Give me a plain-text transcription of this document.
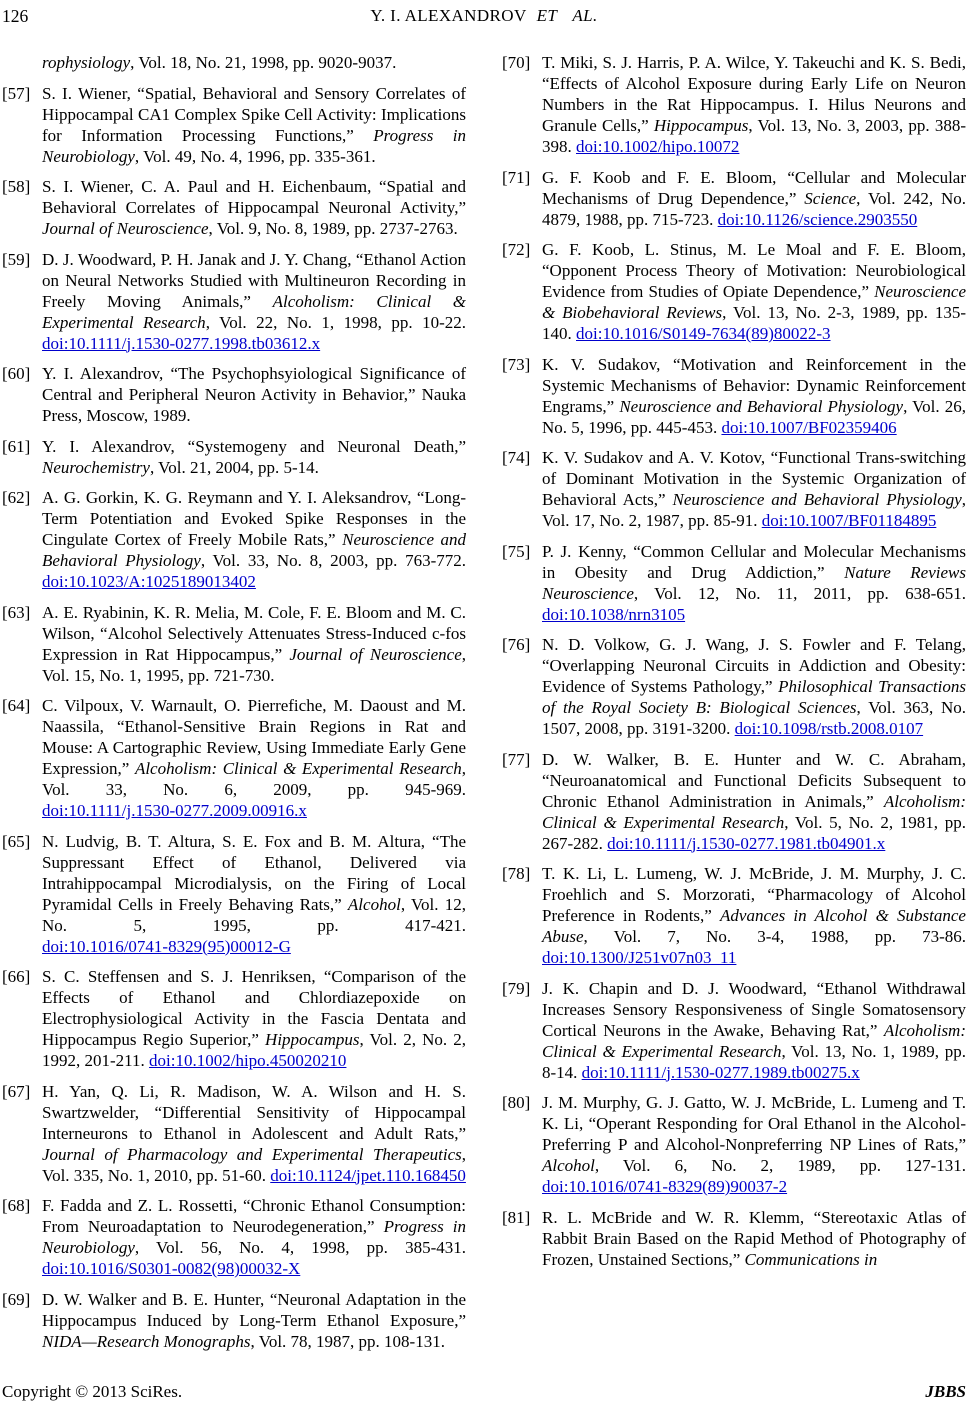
126	Y. I. ALEXANDROV ET AL.
rophysiology, Vol. 18, No. 21, 1998, pp. 9020-9037.
[57] S. I. Wiener, “Spatial, Behavioral and Sensory Correlates of Hippocampal CA1 Complex Spike Cell Activity: Implications for Information Processing Functions,” Progress in Neurobiology, Vol. 49, No. 4, 1996, pp. 335-361.
[58] S. I. Wiener, C. A. Paul and H. Eichenbaum, “Spatial and Behavioral Correlates of Hippocampal Neuronal Activity,” Journal of Neuroscience, Vol. 9, No. 8, 1989, pp. 2737-2763.
[59] D. J. Woodward, P. H. Janak and J. Y. Chang, “Ethanol Action on Neural Networks Studied with Multineuron Recording in Freely Moving Animals,” Alcoholism: Clinical & Experimental Research, Vol. 22, No. 1, 1998, pp. 10-22. doi:10.1111/j.1530-0277.1998.tb03612.x
[60] Y. I. Alexandrov, “The Psychophsyiological Significance of Central and Peripheral Neuron Activity in Behavior,” Nauka Press, Moscow, 1989.
[61] Y. I. Alexandrov, “Systemogeny and Neuronal Death,” Neurochemistry, Vol. 21, 2004, pp. 5-14.
[62] A. G. Gorkin, K. G. Reymann and Y. I. Aleksandrov, “Long-Term Potentiation and Evoked Spike Responses in the Cingulate Cortex of Freely Mobile Rats,” Neuroscience and Behavioral Physiology, Vol. 33, No. 8, 2003, pp. 763-772. doi:10.1023/A:1025189013402
[63] A. E. Ryabinin, K. R. Melia, M. Cole, F. E. Bloom and M. C. Wilson, “Alcohol Selectively Attenuates Stress-Induced c-fos Expression in Rat Hippocampus,” Journal of Neuroscience, Vol. 15, No. 1, 1995, pp. 721-730.
[64] C. Vilpoux, V. Warnault, O. Pierrefiche, M. Daoust and M. Naassila, “Ethanol-Sensitive Brain Regions in Rat and Mouse: A Cartographic Review, Using Immediate Early Gene Expression,” Alcoholism: Clinical & Experimental Research, Vol. 33, No. 6, 2009, pp. 945-969. doi:10.1111/j.1530-0277.2009.00916.x
[65] N. Ludvig, B. T. Altura, S. E. Fox and B. M. Altura, “The Suppressant Effect of Ethanol, Delivered via Intrahippocampal Microdialysis, on the Firing of Local Pyramidal Cells in Freely Behaving Rats,” Alcohol, Vol. 12, No. 5, 1995, pp. 417-421. doi:10.1016/0741-8329(95)00012-G
[66] S. C. Steffensen and S. J. Henriksen, “Comparison of the Effects of Ethanol and Chlordiazepoxide on Electrophysiological Activity in the Fascia Dentata and Hippocampus Regio Superior,” Hippocampus, Vol. 2, No. 2, 1992, 201-211. doi:10.1002/hipo.450020210
[67] H. Yan, Q. Li, R. Madison, W. A. Wilson and H. S. Swartzwelder, “Differential Sensitivity of Hippocampal Interneurons to Ethanol in Adolescent and Adult Rats,” Journal of Pharmacology and Experimental Therapeutics, Vol. 335, No. 1, 2010, pp. 51-60. doi:10.1124/jpet.110.168450
[68] F. Fadda and Z. L. Rossetti, “Chronic Ethanol Consumption: From Neuroadaptation to Neurodegeneration,” Progress in Neurobiology, Vol. 56, No. 4, 1998, pp. 385-431. doi:10.1016/S0301-0082(98)00032-X
[69] D. W. Walker and B. E. Hunter, “Neuronal Adaptation in the Hippocampus Induced by Long-Term Ethanol Exposure,” NIDA—Research Monographs, Vol. 78, 1987, pp. 108-131.
[70] T. Miki, S. J. Harris, P. A. Wilce, Y. Takeuchi and K. S. Bedi, “Effects of Alcohol Exposure during Early Life on Neuron Numbers in the Rat Hippocampus. I. Hilus Neurons and Granule Cells,” Hippocampus, Vol. 13, No. 3, 2003, pp. 388-398. doi:10.1002/hipo.10072
[71] G. F. Koob and F. E. Bloom, “Cellular and Molecular Mechanisms of Drug Dependence,” Science, Vol. 242, No. 4879, 1988, pp. 715-723. doi:10.1126/science.2903550
[72] G. F. Koob, L. Stinus, M. Le Moal and F. E. Bloom, “Opponent Process Theory of Motivation: Neurobiological Evidence from Studies of Opiate Dependence,” Neuroscience & Biobehavioral Reviews, Vol. 13, No. 2-3, 1989, pp. 135-140. doi:10.1016/S0149-7634(89)80022-3
[73] K. V. Sudakov, “Motivation and Reinforcement in the Systemic Mechanisms of Behavior: Dynamic Reinforcement Engrams,” Neuroscience and Behavioral Physiology, Vol. 26, No. 5, 1996, pp. 445-453. doi:10.1007/BF02359406
[74] K. V. Sudakov and A. V. Kotov, “Functional Trans-switching of Dominant Motivation in the Systemic Organization of Behavioral Acts,” Neuroscience and Behavioral Physiology, Vol. 17, No. 2, 1987, pp. 85-91. doi:10.1007/BF01184895
[75] P. J. Kenny, “Common Cellular and Molecular Mechanisms in Obesity and Drug Addiction,” Nature Reviews Neuroscience, Vol. 12, No. 11, 2011, pp. 638-651. doi:10.1038/nrn3105
[76] N. D. Volkow, G. J. Wang, J. S. Fowler and F. Telang, “Overlapping Neuronal Circuits in Addiction and Obesity: Evidence of Systems Pathology,” Philosophical Transactions of the Royal Society B: Biological Sciences, Vol. 363, No. 1507, 2008, pp. 3191-3200. doi:10.1098/rstb.2008.0107
[77] D. W. Walker, B. E. Hunter and W. C. Abraham, “Neuroanatomical and Functional Deficits Subsequent to Chronic Ethanol Administration in Animals,” Alcoholism: Clinical & Experimental Research, Vol. 5, No. 2, 1981, pp. 267-282. doi:10.1111/j.1530-0277.1981.tb04901.x
[78] T. K. Li, L. Lumeng, W. J. McBride, J. M. Murphy, J. C. Froehlich and S. Morzorati, “Pharmacology of Alcohol Preference in Rodents,” Advances in Alcohol & Substance Abuse, Vol. 7, No. 3-4, 1988, pp. 73-86. doi:10.1300/J251v07n03_11
[79] J. K. Chapin and D. J. Woodward, “Ethanol Withdrawal Increases Sensory Responsiveness of Single Somatosensory Cortical Neurons in the Awake, Behaving Rat,” Alcoholism: Clinical & Experimental Research, Vol. 13, No. 1, 1989, pp. 8-14. doi:10.1111/j.1530-0277.1989.tb00275.x
[80] J. M. Murphy, G. J. Gatto, W. J. McBride, L. Lumeng and T. K. Li, “Operant Responding for Oral Ethanol in the Alcohol-Preferring P and Alcohol-Nonpreferring NP Lines of Rats,” Alcohol, Vol. 6, No. 2, 1989, pp. 127-131. doi:10.1016/0741-8329(89)90037-2
[81] R. L. McBride and W. R. Klemm, “Stereotaxic Atlas of Rabbit Brain Based on the Rapid Method of Photography of Frozen, Unstained Sections,” Communications in
Copyright © 2013 SciRes.	JBBS
